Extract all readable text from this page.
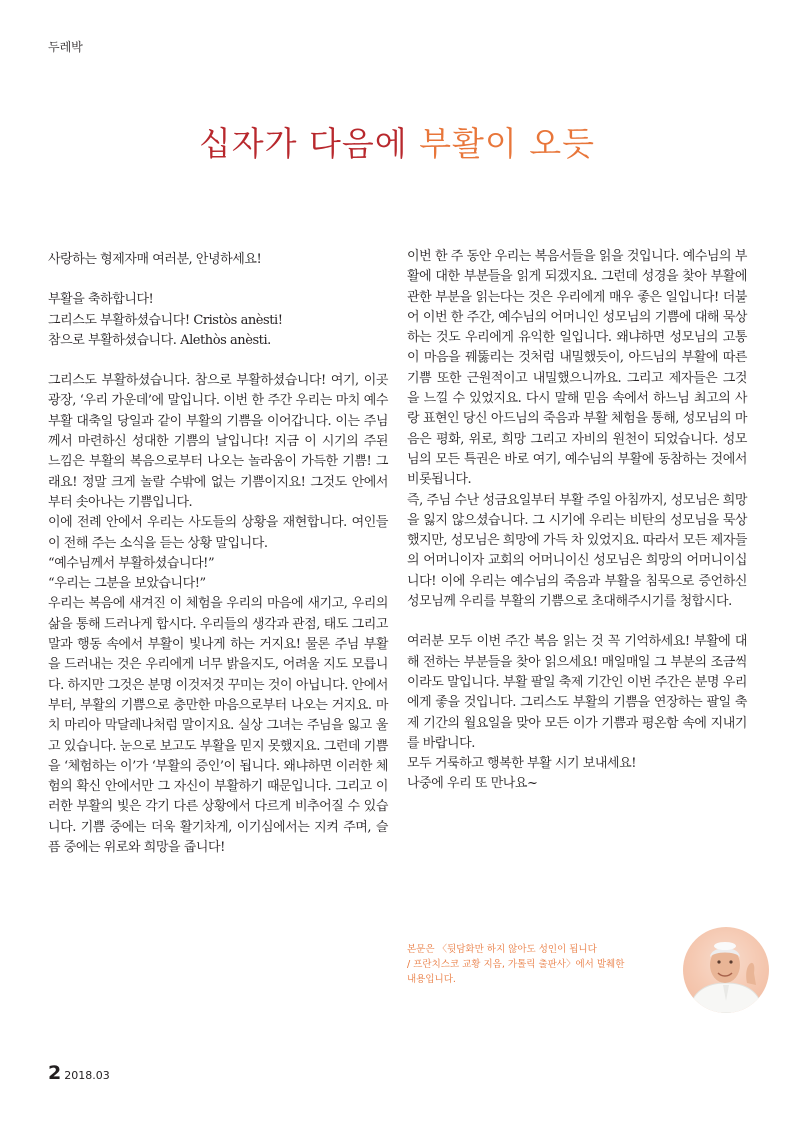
두레박
십자가 다음에 부활이 오듯

사랑하는 형제자매 여러분, 안녕하세요!

부활을 축하합니다!

그리스도 부활하셨습니다! Cristòs anèsti!

참으로 부활하셨습니다. Alethòs anèsti.

그리스도 부활하셨습니다. 참으로 부활하셨습니다! 여기, 이곳 광장, ‘우리 가운데’에 말입니다. 이번 한 주간 우리는 마치 예수 부활 대축일 당일과 같이 부활의 기쁨을 이어갑니다. 이는 주님께서 마련하신 성대한 기쁨의 날입니다! 지금 이 시기의 주된 느낌은 부활의 복음으로부터 나오는 놀라움이 가득한 기쁨! 그래요! 정말 크게 놀랄 수밖에 없는 기쁨이지요! 그것도 안에서부터 솟아나는 기쁨입니다.

이에 전례 안에서 우리는 사도들의 상황을 재현합니다. 여인들이 전해 주는 소식을 듣는 상황 말입니다.

“예수님께서 부활하셨습니다!”

“우리는 그분을 보았습니다!”

우리는 복음에 새겨진 이 체험을 우리의 마음에 새기고, 우리의 삶을 통해 드러나게 합시다. 우리들의 생각과 관점, 태도 그리고 말과 행동 속에서 부활이 빛나게 하는 거지요! 물론 주님 부활을 드러내는 것은 우리에게 너무 밝을지도, 어려울 지도 모릅니다. 하지만 그것은 분명 이것저것 꾸미는 것이 아닙니다. 안에서부터, 부활의 기쁨으로 충만한 마음으로부터 나오는 거지요. 마치 마리아 막달레나처럼 말이지요. 실상 그녀는 주님을 잃고 울고 있습니다. 눈으로 보고도 부활을 믿지 못했지요. 그런데 기쁨을 ‘체험하는 이’가 ‘부활의 증인’이 됩니다. 왜냐하면 이러한 체험의 확신 안에서만 그 자신이 부활하기 때문입니다. 그리고 이러한 부활의 빛은 각기 다른 상황에서 다르게 비추어질 수 있습니다. 기쁨 중에는 더욱 활기차게, 이기심에서는 지켜 주며, 슬픔 중에는 위로와 희망을 줍니다!

이번 한 주 동안 우리는 복음서들을 읽을 것입니다. 예수님의 부활에 대한 부분들을 읽게 되겠지요. 그런데 성경을 찾아 부활에 관한 부분을 읽는다는 것은 우리에게 매우 좋은 일입니다! 더불어 이번 한 주간, 예수님의 어머니인 성모님의 기쁨에 대해 묵상하는 것도 우리에게 유익한 일입니다. 왜냐하면 성모님의 고통이 마음을 꿰뚫리는 것처럼 내밀했듯이, 아드님의 부활에 따른 기쁨 또한 근원적이고 내밀했으니까요. 그리고 제자들은 그것을 느낄 수 있었지요. 다시 말해 믿음 속에서 하느님 최고의 사랑 표현인 당신 아드님의 죽음과 부활 체험을 통해, 성모님의 마음은 평화, 위로, 희망 그리고 자비의 원천이 되었습니다. 성모님의 모든 특권은 바로 여기, 예수님의 부활에 동참하는 것에서 비롯됩니다.

즉, 주님 수난 성금요일부터 부활 주일 아침까지, 성모님은 희망을 잃지 않으셨습니다. 그 시기에 우리는 비탄의 성모님을 묵상했지만, 성모님은 희망에 가득 차 있었지요. 따라서 모든 제자들의 어머니이자 교회의 어머니이신 성모님은 희망의 어머니이십니다! 이에 우리는 예수님의 죽음과 부활을 침묵으로 증언하신 성모님께 우리를 부활의 기쁨으로 초대해주시기를 청합시다.

여러분 모두 이번 주간 복음 읽는 것 꼭 기억하세요! 부활에 대해 전하는 부분들을 찾아 읽으세요! 매일매일 그 부분의 조금씩이라도 말입니다. 부활 팔일 축제 기간인 이번 주간은 분명 우리에게 좋을 것입니다. 그리스도 부활의 기쁨을 연장하는 팔일 축제 기간의 월요일을 맞아 모든 이가 기쁨과 평온함 속에 지내기를 바랍니다.

모두 거룩하고 행복한 부활 시기 보내세요!

나중에 우리 또 만나요~

본문은 〈뒷담화만 하지 않아도 성인이 됩니다
/ 프란치스코 교황 지음, 가톨릭 출판사〉에서 발췌한
내용입니다.
2 2018.03
